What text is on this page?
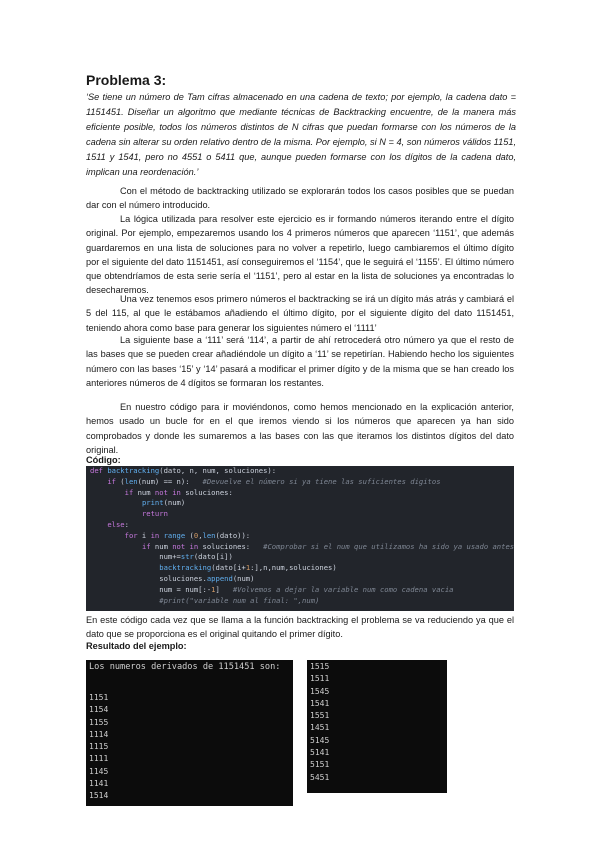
Problema 3:
‘Se tiene un número de Tam cifras almacenado en una cadena de texto; por ejemplo, la cadena dato = 1151451. Diseñar un algoritmo que mediante técnicas de Backtracking encuentre, de la manera más eficiente posible, todos los números distintos de N cifras que puedan formarse con los números de la cadena sin alterar su orden relativo dentro de la misma. Por ejemplo, si N = 4, son números válidos 1151, 1511 y 1541, pero no 4551 o 5411 que, aunque pueden formarse con los dígitos de la cadena dato, implican una reordenación.’
Con el método de backtracking utilizado se explorarán todos los casos posibles que se puedan dar con el número introducido.
La lógica utilizada para resolver este ejercicio es ir formando números iterando entre el dígito original. Por ejemplo, empezaremos usando los 4 primeros números que aparecen ‘1151’, que además guardaremos en una lista de soluciones para no volver a repetirlo, luego cambiaremos el último dígito por el siguiente del dato 1151451, así conseguiremos el ‘1154’, que le seguirá el ‘1155’. El último número que obtendríamos de esta serie sería el ‘1151’, pero al estar en la lista de soluciones ya encontradas lo desecharemos.
Una vez tenemos esos primero números el backtracking se irá un dígito más atrás y cambiará el 5 del 115, al que le estábamos añadiendo el último dígito, por el siguiente dígito del dato 1151451, teniendo ahora como base para generar los siguientes número el ‘1111’
La siguiente base a ‘111’ será ‘114’, a partir de ahí retrocederá otro número ya que el resto de las bases que se pueden crear añadiéndole un dígito a ‘11’ se repetirían. Habiendo hecho los siguientes número con las bases ‘15’ y ‘14’ pasará a modificar el primer dígito y de la misma que se han creado los anteriores números de 4 dígitos se formaran los restantes.
En nuestro código para ir moviéndonos, como hemos mencionado en la explicación anterior, hemos usado un bucle for en el que iremos viendo si los números que aparecen ya han sido comprobados y donde les sumaremos a las bases con las que iteramos los distintos dígitos del dato original.
Código:
def backtracking(dato, n, num, soluciones):
if (len(num) == n):   #Devuelve el número si ya tiene las suficientes digitos
if num not in soluciones:
print(num)
return
else:
for i in range (0,len(dato)):
if num not in soluciones:   #Comprobar si el num que utilizamos ha sido ya usado antes
num+=str(dato[i])
backtracking(dato[i+1:],n,num,soluciones)
soluciones.append(num)
num = num[:-1]   #Volvemos a dejar la variable num como cadena vacia
#print("variable num al final: ",num)
En este código cada vez que se llama a la función backtracking el problema se va reduciendo ya que el dato que se proporciona es el original quitando el primer dígito.
Resultado del ejemplo:
Los numeros derivados de 1151451 son:
1151
1154
1155
1114
1115
1111
1145
1141
1514
1515
1511
1545
1541
1551
1451
5145
5141
5151
5451
